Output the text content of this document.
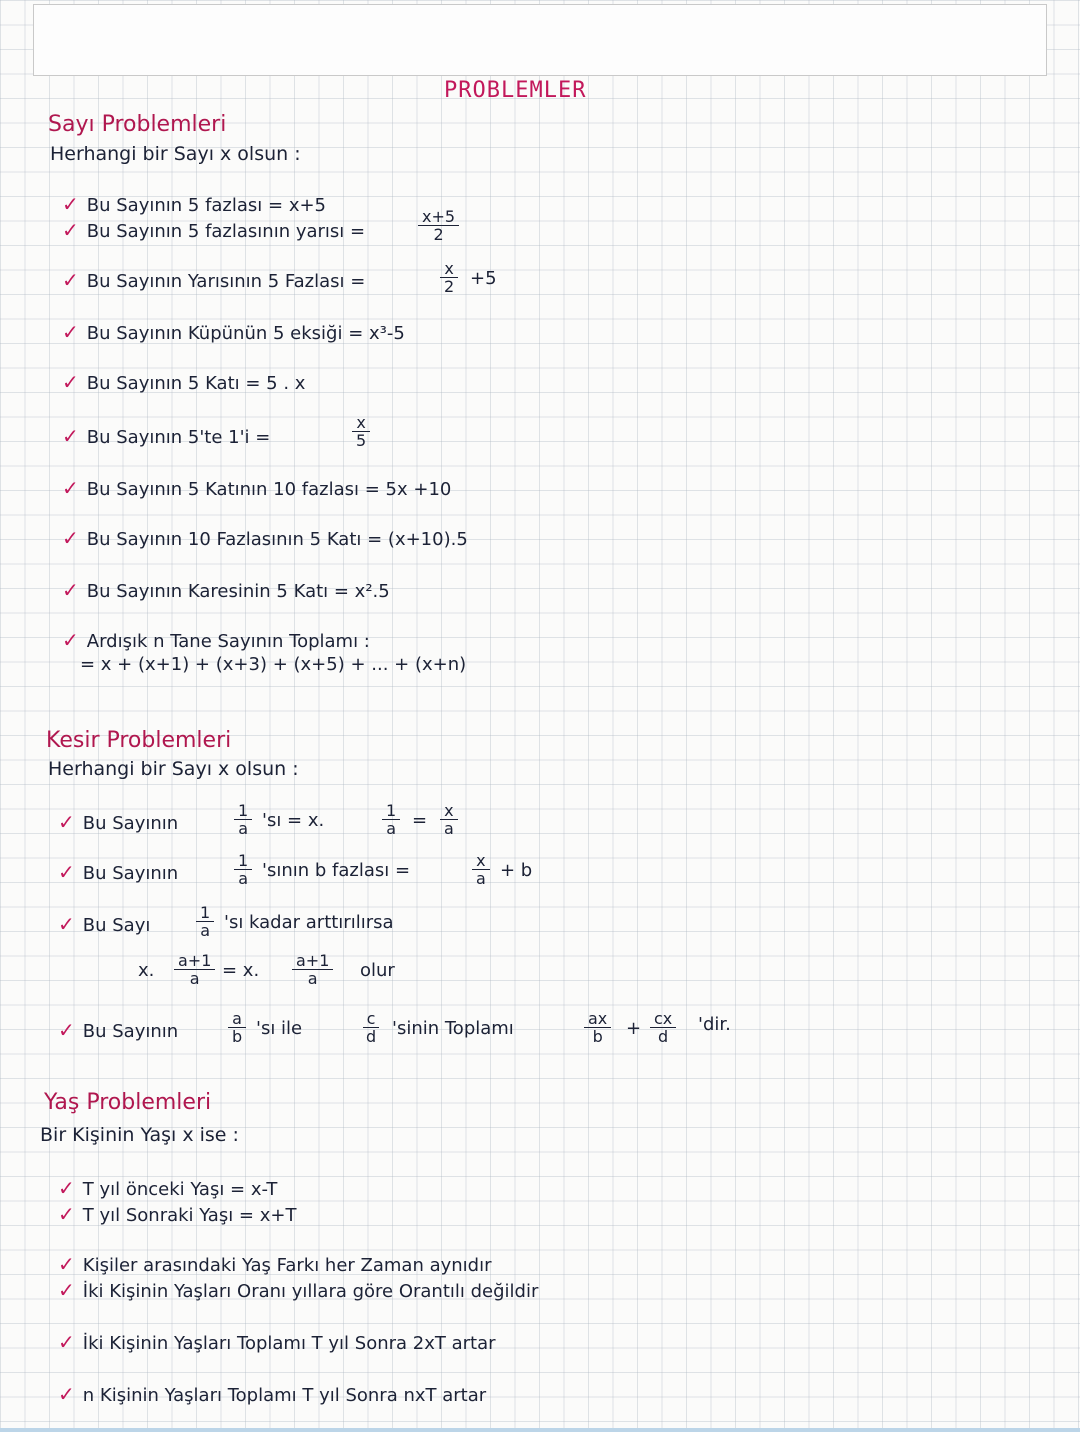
PROBLEMLER
Sayı Problemleri
Herhangi bir Sayı x olsun :
✓ Bu Sayının 5 fazlası = x+5
✓ Bu Sayının 5 fazlasının yarısı =	$\frac{x+5}{2}$
✓ Bu Sayının Yarısının 5 Fazlası =	$\frac{x}{2} +5$
✓ Bu Sayının Küpünün 5 eksiği = x³-5
✓ Bu Sayının 5 Katı = 5 . x
✓ Bu Sayının 5'te 1'i =	$\frac{x}{5}$
✓ Bu Sayının 5 Katının 10 fazlası = 5x +10
✓ Bu Sayının 10 Fazlasının 5 Katı = (x+10).5
✓ Bu Sayının Karesinin 5 Katı = x².5
✓ Ardışık n Tane Sayının Toplamı :
= x + (x+1) + (x+3) + (x+5) + ... + (x+n)
Kesir Problemleri
Herhangi bir Sayı x olsun :
✓ Bu Sayının	$\frac{1}{a}$ 'sı = x.	$\frac{1}{a} = \frac{x}{a}$
✓ Bu Sayının	$\frac{1}{a}$ 'sının b fazlası =	$\frac{x}{a} + b$
✓ Bu Sayı	$\frac{1}{a}$ 'sı kadar arttırılırsa
x. $\frac{a+1}{a} = x$. $\frac{a+1}{a}$ olur
✓ Bu Sayının	$\frac{a}{b}$ 'sı ile	$\frac{c}{d}$ 'sinin Toplamı	$\frac{ax}{b} + \frac{cx}{d}$ 'dir.
Yaş Problemleri
Bir Kişinin Yaşı x ise :
✓ T yıl önceki Yaşı = x-T
✓ T yıl Sonraki Yaşı = x+T
✓ Kişiler arasındaki Yaş Farkı her Zaman aynıdır
✓ İki Kişinin Yaşları Oranı yıllara göre Orantılı değildir
✓ İki Kişinin Yaşları Toplamı T yıl Sonra 2xT artar
✓ n Kişinin Yaşları Toplamı T yıl Sonra nxT artar
